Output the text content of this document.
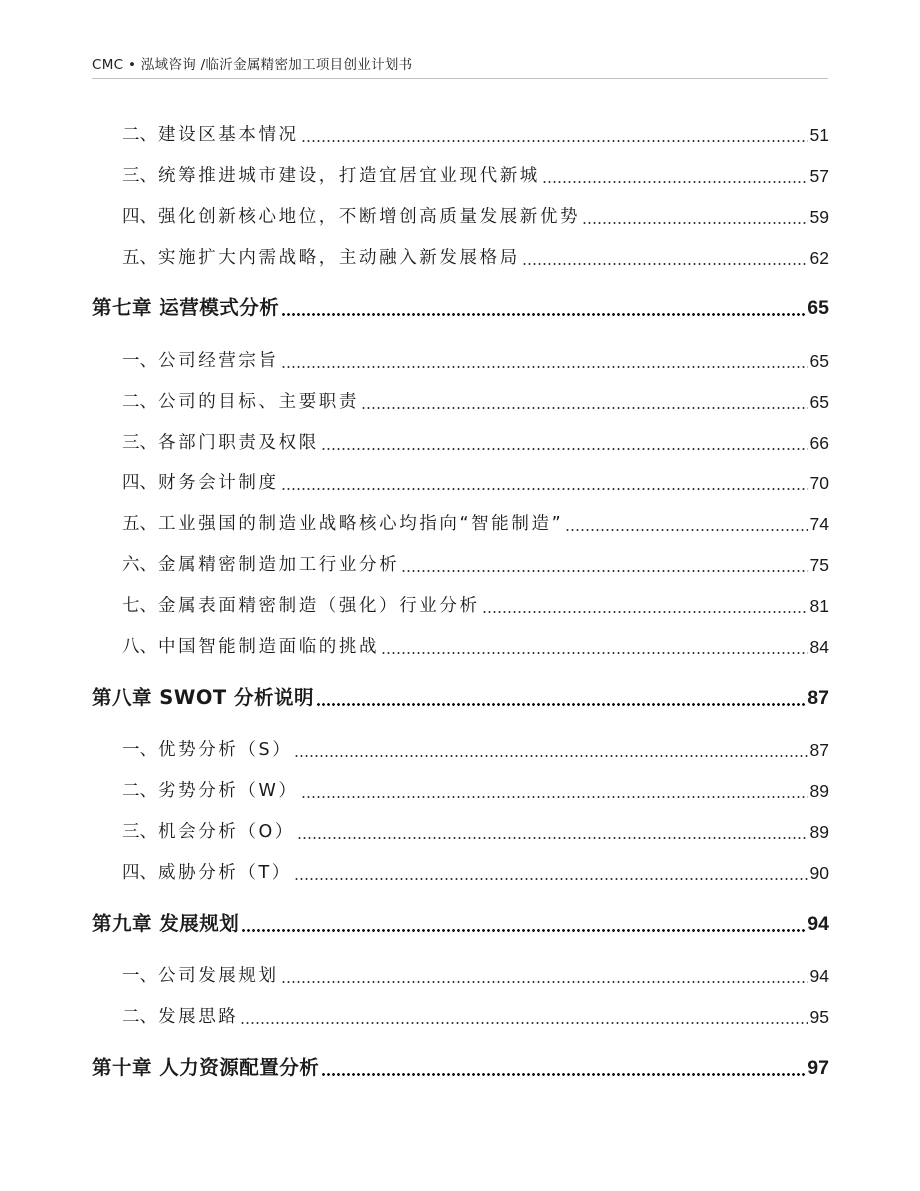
CMC • 泓域咨询 /临沂金属精密加工项目创业计划书
二、 建设区基本情况	51
三、 统筹推进城市建设，打造宜居宜业现代新城	57
四、 强化创新核心地位，不断增创高质量发展新优势	59
五、 实施扩大内需战略，主动融入新发展格局	62
第七章 运营模式分析	65
一、 公司经营宗旨	65
二、 公司的目标、主要职责	65
三、 各部门职责及权限	66
四、 财务会计制度	70
五、 工业强国的制造业战略核心均指向“智能制造”	74
六、 金属精密制造加工行业分析	75
七、 金属表面精密制造（强化）行业分析	81
八、 中国智能制造面临的挑战	84
第八章 SWOT 分析说明	87
一、 优势分析（S）	87
二、 劣势分析（W）	89
三、 机会分析（O）	89
四、 威胁分析（T）	90
第九章 发展规划	94
一、 公司发展规划	94
二、 发展思路	95
第十章 人力资源配置分析	97
